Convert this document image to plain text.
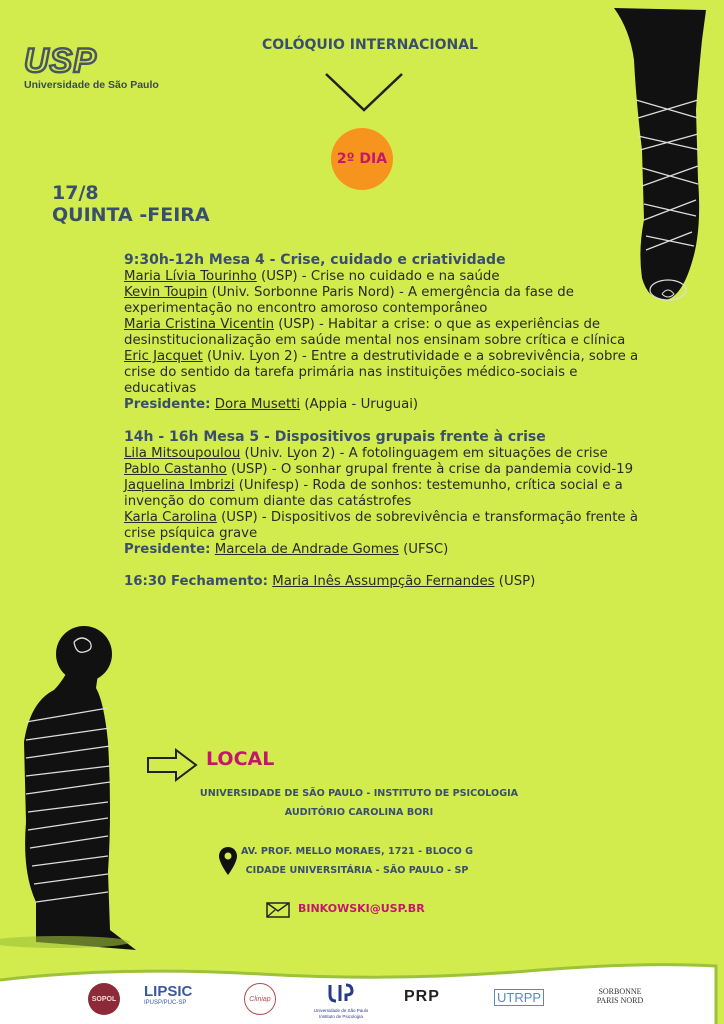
USP
Universidade de São Paulo
COLÓQUIO INTERNACIONAL
2º DIA
17/8
QUINTA -FEIRA
9:30h-12h Mesa 4 - Crise, cuidado e criatividade

Maria Lívia Tourinho (USP) - Crise no cuidado e na saúde

Kevin Toupin (Univ. Sorbonne Paris Nord) - A emergência da fase de experimentação no encontro amoroso contemporâneo

Maria Cristina Vicentin (USP) - Habitar a crise: o que as experiências de desinstitucionalização em saúde mental nos ensinam sobre crítica e clínica

Eric Jacquet (Univ. Lyon 2) - Entre a destrutividade e a sobrevivência, sobre a crise do sentido da tarefa primária nas instituições médico-sociais e educativas

Presidente: Dora Musetti (Appia - Uruguai)

14h - 16h Mesa 5 - Dispositivos grupais frente à crise

Lila Mitsoupoulou (Univ. Lyon 2) - A fotolinguagem em situações de crise

Pablo Castanho (USP) - O sonhar grupal frente à crise da pandemia covid-19

Jaquelina Imbrizi (Unifesp) - Roda de sonhos: testemunho, crítica social e a invenção do comum diante das catástrofes

Karla Carolina (USP) - Dispositivos de sobrevivência e transformação frente à crise psíquica grave

Presidente: Marcela de Andrade Gomes (UFSC)

16:30 Fechamento: Maria Inês Assumpção Fernandes (USP)

LOCAL
UNIVERSIDADE DE SÃO PAULO - INSTITUTO DE PSICOLOGIA
AUDITÓRIO CAROLINA BORI
AV. PROF. MELLO MORAES, 1721 - BLOCO G
CIDADE UNIVERSITÁRIA - SÃO PAULO - SP
BINKOWSKI@USP.BR
SOPOL LIPSIC
IPUSP/PUC-SP
Cliniap
Universidade de São Paulo
Instituto de Psicologia
PRP	UTRPP	SORBONNE
PARIS NORD
